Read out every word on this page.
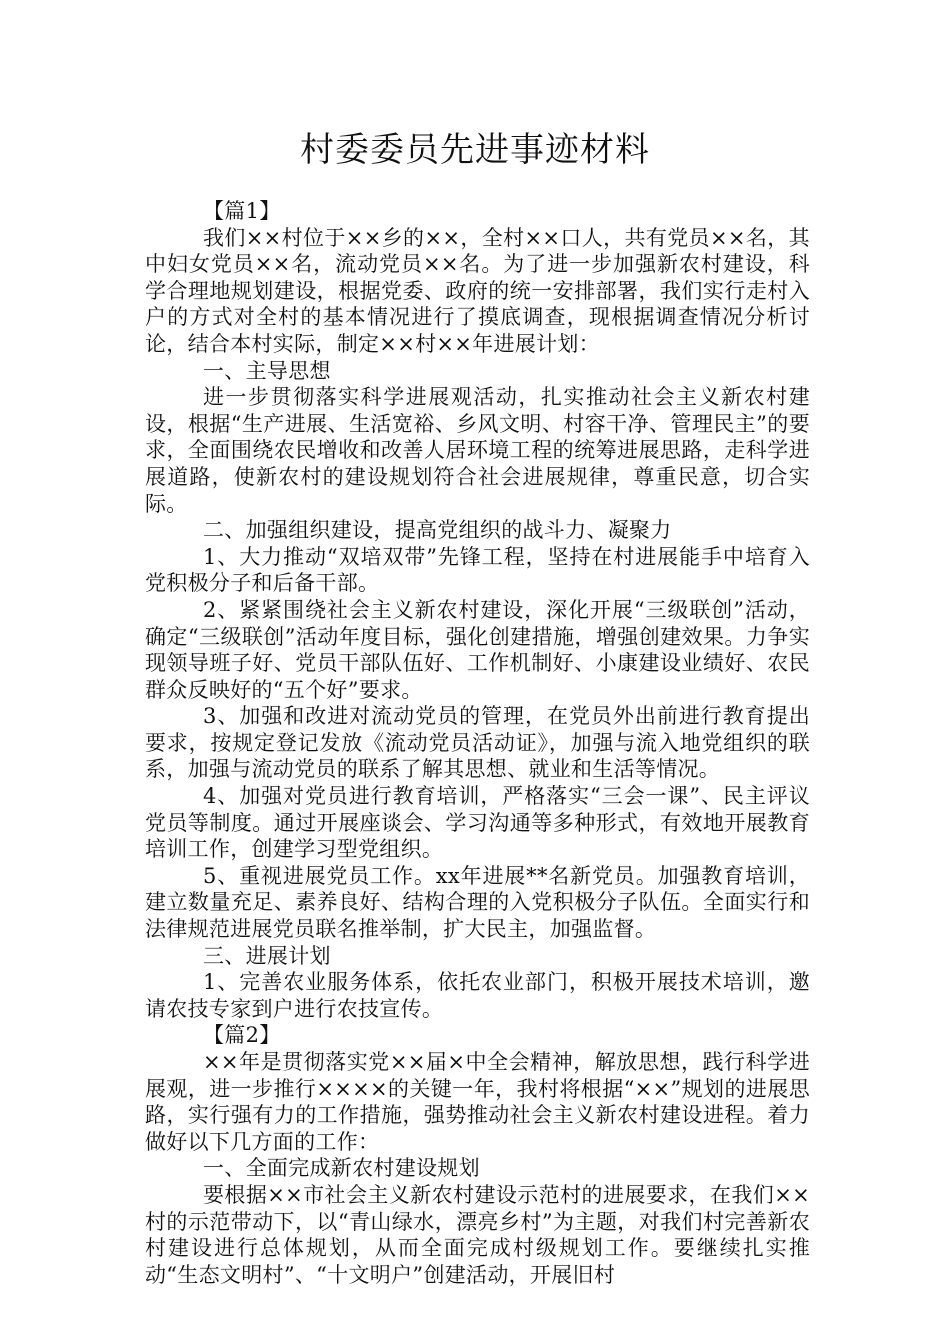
村委委员先进事迹材料

【篇1】

我们××村位于××乡的××，全村××口人，共有党员××名，其中妇女党员××名，流动党员××名。为了进一步加强新农村建设，科学合理地规划建设，根据党委、政府的统一安排部署，我们实行走村入户的方式对全村的基本情况进行了摸底调查，现根据调查情况分析讨论，结合本村实际，制定××村××年进展计划：

一、主导思想

进一步贯彻落实科学进展观活动，扎实推动社会主义新农村建设，根据“生产进展、生活宽裕、乡风文明、村容干净、管理民主”的要求，全面围绕农民增收和改善人居环境工程的统筹进展思路，走科学进展道路，使新农村的建设规划符合社会进展规律，尊重民意，切合实际。

二、加强组织建设，提高党组织的战斗力、凝聚力

1、大力推动“双培双带”先锋工程，坚持在村进展能手中培育入党积极分子和后备干部。

2、紧紧围绕社会主义新农村建设，深化开展“三级联创”活动，确定“三级联创”活动年度目标，强化创建措施，增强创建效果。力争实现领导班子好、党员干部队伍好、工作机制好、小康建设业绩好、农民群众反映好的“五个好”要求。

3、加强和改进对流动党员的管理，在党员外出前进行教育提出要求，按规定登记发放《流动党员活动证》，加强与流入地党组织的联系，加强与流动党员的联系了解其思想、就业和生活等情况。

4、加强对党员进行教育培训，严格落实“三会一课”、民主评议党员等制度。通过开展座谈会、学习沟通等多种形式，有效地开展教育培训工作，创建学习型党组织。

5、重视进展党员工作。xx年进展**名新党员。加强教育培训，建立数量充足、素养良好、结构合理的入党积极分子队伍。全面实行和法律规范进展党员联名推举制，扩大民主，加强监督。

三、进展计划

1、完善农业服务体系，依托农业部门，积极开展技术培训，邀请农技专家到户进行农技宣传。

【篇2】

××年是贯彻落实党××届×中全会精神，解放思想，践行科学进展观，进一步推行××××的关键一年，我村将根据“××”规划的进展思路，实行强有力的工作措施，强势推动社会主义新农村建设进程。着力做好以下几方面的工作：

一、全面完成新农村建设规划

要根据××市社会主义新农村建设示范村的进展要求，在我们××村的示范带动下，以“青山绿水，漂亮乡村”为主题，对我们村完善新农村建设进行总体规划，从而全面完成村级规划工作。要继续扎实推动“生态文明村”、“十文明户”创建活动，开展旧村
